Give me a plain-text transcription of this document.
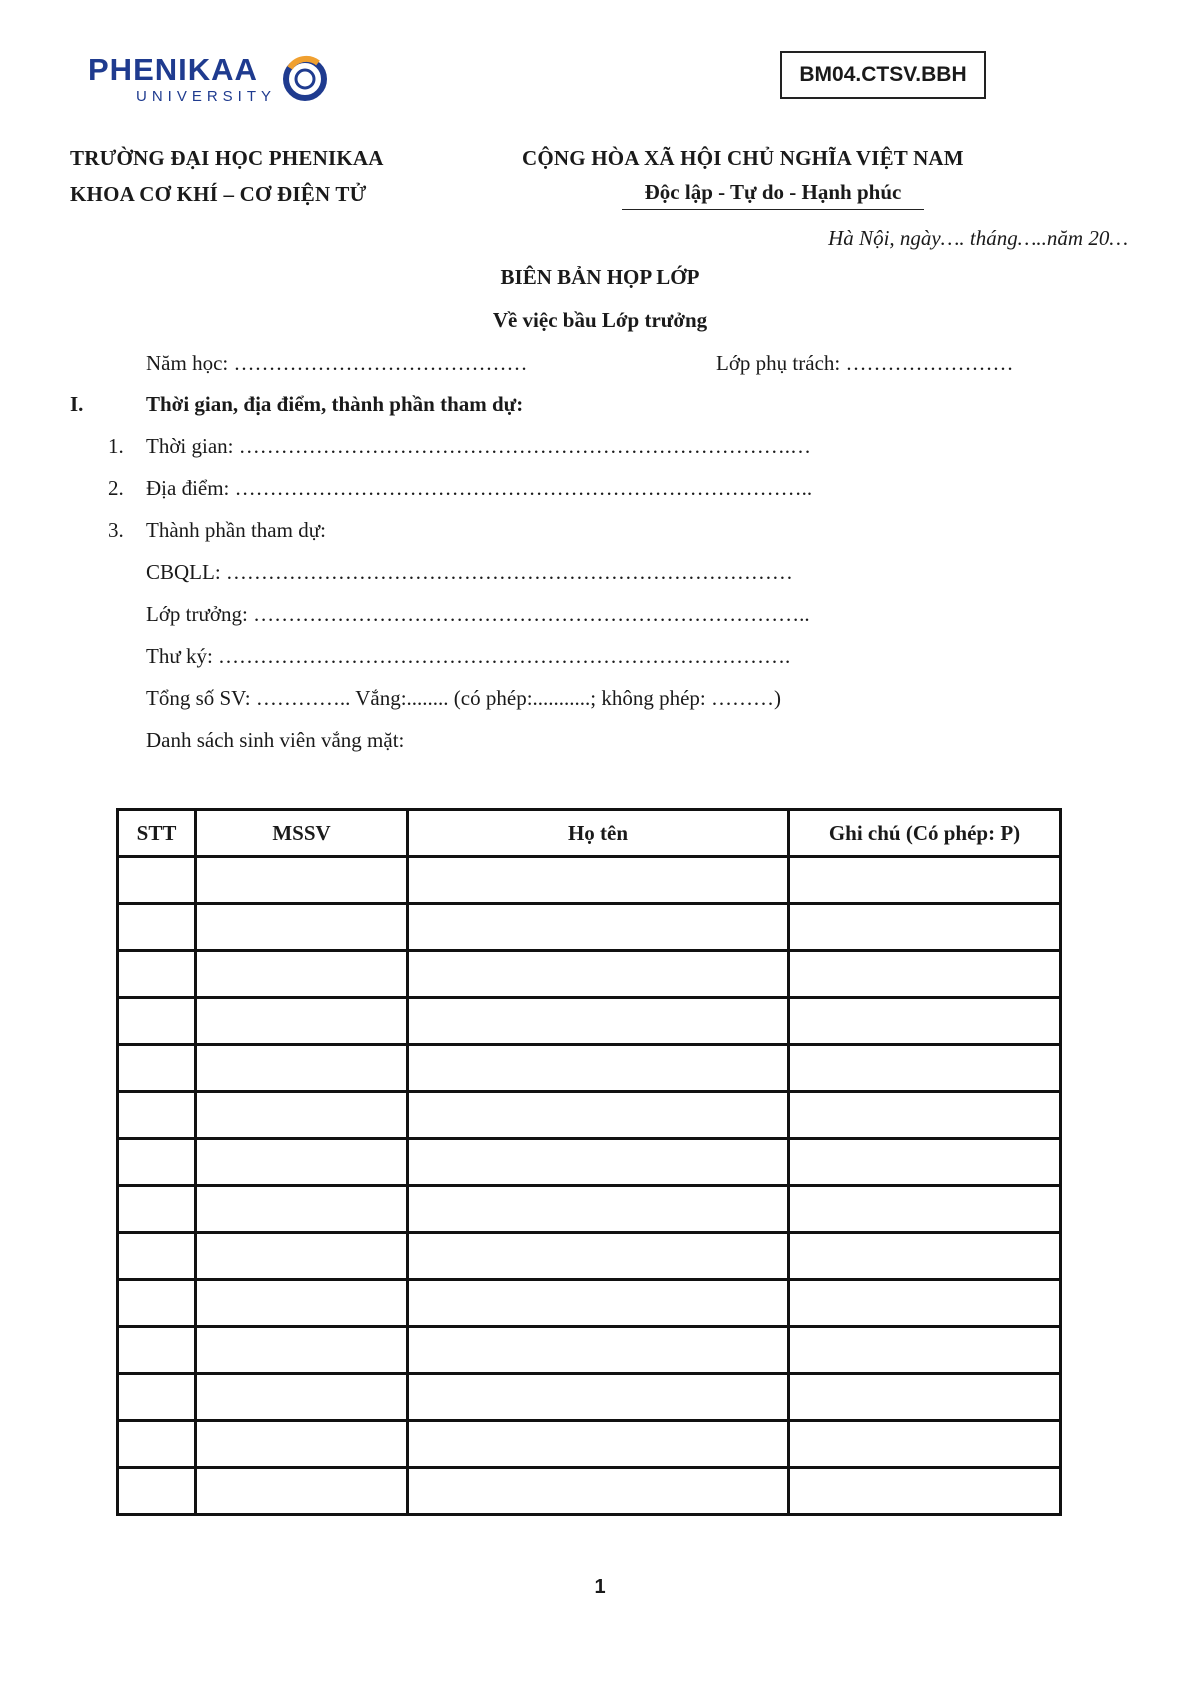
PHENIKAA
UNIVERSITY
BM04.CTSV.BBH
TRƯỜNG ĐẠI HỌC PHENIKAA
KHOA CƠ KHÍ – CƠ ĐIỆN TỬ
CỘNG HÒA XÃ HỘI CHỦ NGHĨA VIỆT NAM
Độc lập - Tự do - Hạnh phúc
Hà Nội, ngày…. tháng…..năm 20…
BIÊN BẢN HỌP LỚP
Về việc bầu Lớp trưởng
Năm học: ……………………………………	Lớp phụ trách: ……………………
I.	Thời gian, địa điểm, thành phần tham dự:
1. Thời gian: …………………………………………………………………….…
2. Địa điểm: ………………………………………………………………………..
3. Thành phần tham dự:
CBQLL: ………………………………………………………………………
Lớp trưởng: ……………………………………………………………………..
Thư ký: ……………………………………………………………………….
Tổng số SV: ………….. Vắng:........ (có phép:...........; không phép: ………)
Danh sách sinh viên vắng mặt:
STT	MSSV	Họ tên	Ghi chú (Có phép: P)

1
